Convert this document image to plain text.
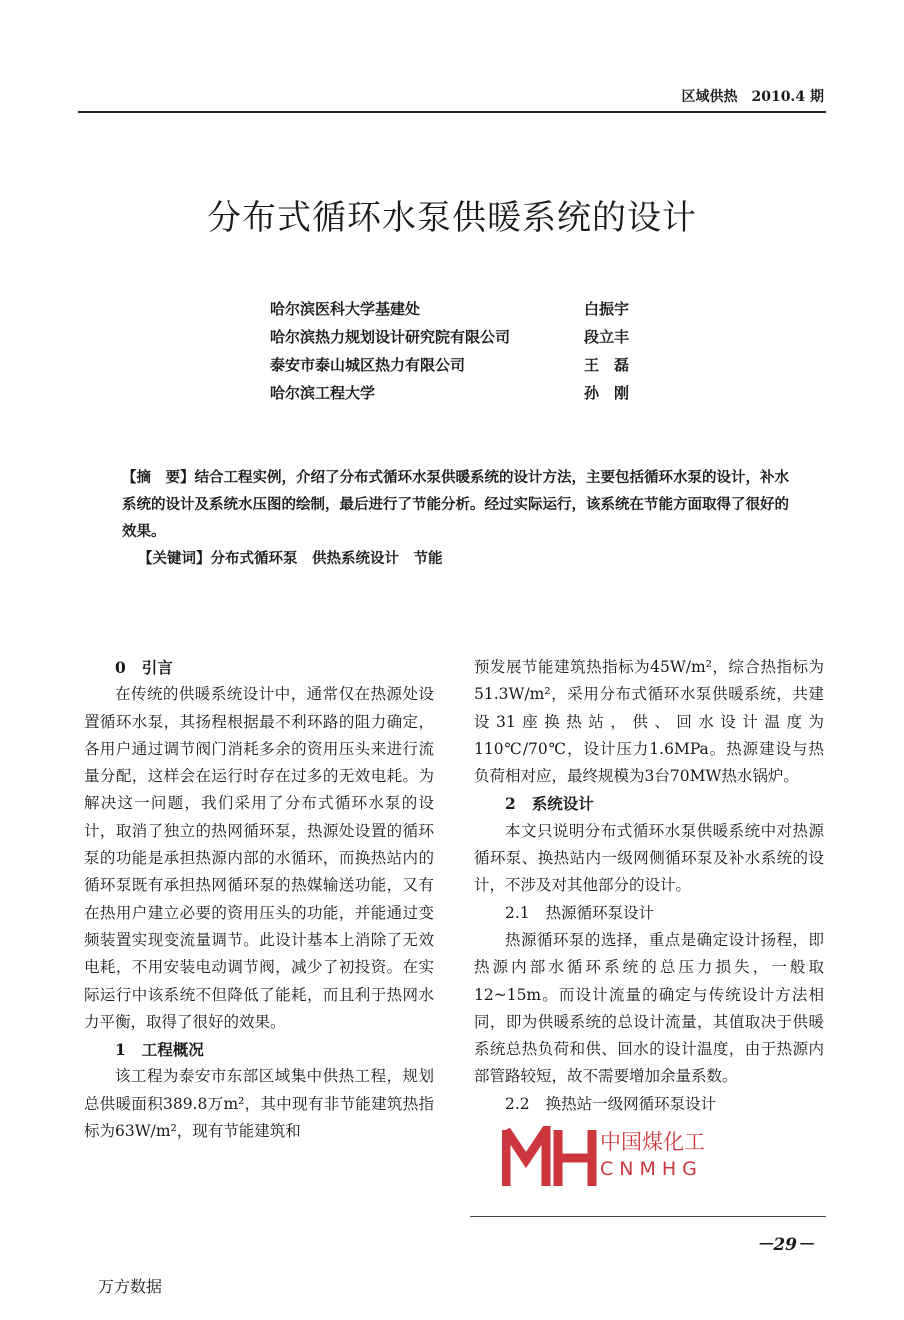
区域供热 2010.4 期
分布式循环水泵供暖系统的设计
哈尔滨医科大学基建处	白振宇
哈尔滨热力规划设计研究院有限公司	段立丰
泰安市泰山城区热力有限公司	王　磊
哈尔滨工程大学	孙　刚

【摘　要】结合工程实例，介绍了分布式循环水泵供暖系统的设计方法，主要包括循环水泵的设计，补水系统的设计及系统水压图的绘制，最后进行了节能分析。经过实际运行，该系统在节能方面取得了很好的效果。

【关键词】分布式循环泵　供热系统设计　节能

0 引言

在传统的供暖系统设计中，通常仅在热源处设置循环水泵，其扬程根据最不利环路的阻力确定，各用户通过调节阀门消耗多余的资用压头来进行流量分配，这样会在运行时存在过多的无效电耗。为解决这一问题，我们采用了分布式循环水泵的设计，取消了独立的热网循环泵，热源处设置的循环泵的功能是承担热源内部的水循环，而换热站内的循环泵既有承担热网循环泵的热媒输送功能，又有在热用户建立必要的资用压头的功能，并能通过变频装置实现变流量调节。此设计基本上消除了无效电耗，不用安装电动调节阀，减少了初投资。在实际运行中该系统不但降低了能耗，而且利于热网水力平衡，取得了很好的效果。

1 工程概况

该工程为泰安市东部区域集中供热工程，规划总供暖面积389.8万m²，其中现有非节能建筑热指标为63W/m²，现有节能建筑和

预发展节能建筑热指标为45W/m²，综合热指标为51.3W/m²，采用分布式循环水泵供暖系统，共建设31座换热站，供、回水设计温度为110℃/70℃，设计压力1.6MPa。热源建设与热负荷相对应，最终规模为3台70MW热水锅炉。

2 系统设计

本文只说明分布式循环水泵供暖系统中对热源循环泵、换热站内一级网侧循环泵及补水系统的设计，不涉及对其他部分的设计。

2.1 热源循环泵设计

热源循环泵的选择，重点是确定设计扬程，即热源内部水循环系统的总压力损失，一般取12~15m。而设计流量的确定与传统设计方法相同，即为供暖系统的总设计流量，其值取决于供暖系统总热负荷和供、回水的设计温度，由于热源内部管路较短，故不需要增加余量系数。

2.2 换热站一级网循环泵设计
中国煤化工
CNMHG
－29－
万方数据
